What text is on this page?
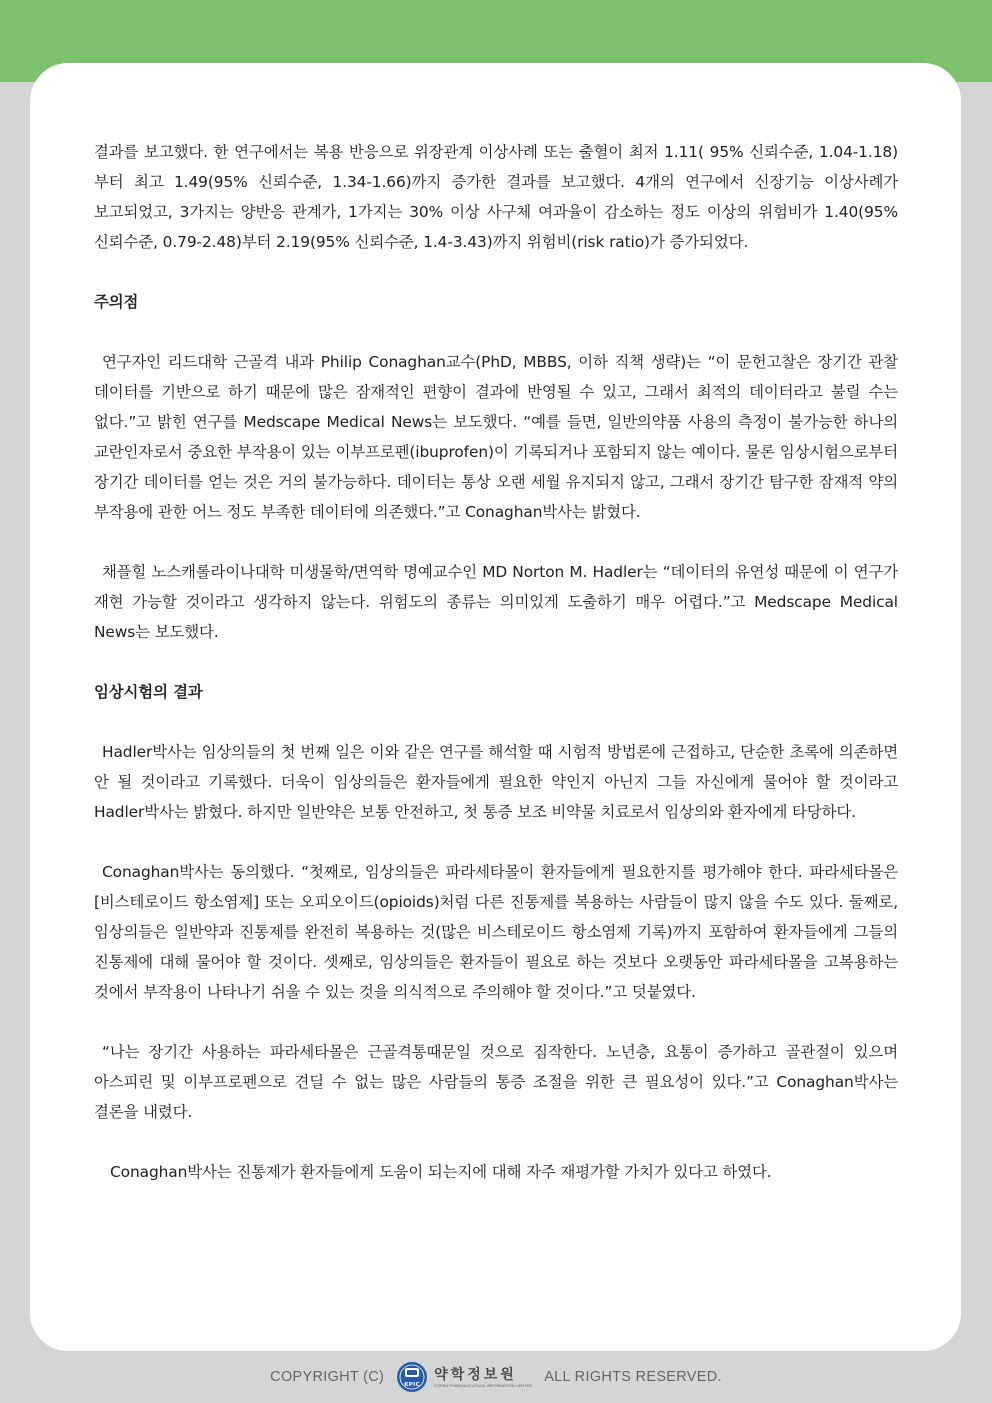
결과를 보고했다. 한 연구에서는 복용 반응으로 위장관계 이상사례 또는 출혈이 최저 1.11( 95% 신뢰수준, 1.04-1.18)부터 최고 1.49(95% 신뢰수준, 1.34-1.66)까지 증가한 결과를 보고했다. 4개의 연구에서 신장기능 이상사례가 보고되었고, 3가지는 양반응 관계가, 1가지는 30% 이상 사구체 여과율이 감소하는 정도 이상의 위험비가 1.40(95% 신뢰수준, 0.79-2.48)부터 2.19(95% 신뢰수준, 1.4-3.43)까지 위험비(risk ratio)가 증가되었다.

주의점

연구자인 리드대학 근골격 내과 Philip Conaghan교수(PhD, MBBS, 이하 직책 생략)는 “이 문헌고찰은 장기간 관찰 데이터를 기반으로 하기 때문에 많은 잠재적인 편향이 결과에 반영될 수 있고, 그래서 최적의 데이터라고 불릴 수는 없다.”고 밝힌 연구를 Medscape Medical News는 보도했다. “예를 들면, 일반의약품 사용의 측정이 불가능한 하나의 교란인자로서 중요한 부작용이 있는 이부프로펜(ibuprofen)이 기록되거나 포함되지 않는 예이다. 물론 임상시험으로부터 장기간 데이터를 얻는 것은 거의 불가능하다. 데이터는 통상 오랜 세월 유지되지 않고, 그래서 장기간 탐구한 잠재적 약의 부작용에 관한 어느 정도 부족한 데이터에 의존했다.”고 Conaghan박사는 밝혔다.

채플힐 노스캐롤라이나대학 미생물학/면역학 명예교수인 MD Norton M. Hadler는 “데이터의 유연성 때문에 이 연구가 재현 가능할 것이라고 생각하지 않는다. 위험도의 종류는 의미있게 도출하기 매우 어렵다.”고 Medscape Medical News는 보도했다.

임상시험의 결과

Hadler박사는 임상의들의 첫 번째 일은 이와 같은 연구를 해석할 때 시험적 방법론에 근접하고, 단순한 초록에 의존하면 안 될 것이라고 기록했다. 더욱이 임상의들은 환자들에게 필요한 약인지 아닌지 그들 자신에게 물어야 할 것이라고 Hadler박사는 밝혔다. 하지만 일반약은 보통 안전하고, 첫 통증 보조 비약물 치료로서 임상의와 환자에게 타당하다.

Conaghan박사는 동의했다. “첫째로, 임상의들은 파라세타몰이 환자들에게 필요한지를 평가해야 한다. 파라세타몰은 [비스테로이드 항소염제] 또는 오피오이드(opioids)처럼 다른 진통제를 복용하는 사람들이 많지 않을 수도 있다. 둘째로, 임상의들은 일반약과 진통제를 완전히 복용하는 것(많은 비스테로이드 항소염제 기록)까지 포함하여 환자들에게 그들의 진통제에 대해 물어야 할 것이다. 셋째로, 임상의들은 환자들이 필요로 하는 것보다 오랫동안 파라세타몰을 고복용하는 것에서 부작용이 나타나기 쉬울 수 있는 것을 의식적으로 주의해야 할 것이다.”고 덧붙였다.

“나는 장기간 사용하는 파라세타몰은 근골격통때문일 것으로 짐작한다. 노년층, 요통이 증가하고 골관절이 있으며 아스피린 및 이부프로펜으로 견딜 수 없는 많은 사람들의 통증 조절을 위한 큰 필요성이 있다.”고 Conaghan박사는 결론을 내렸다.

Conaghan박사는 진통제가 환자들에게 도움이 되는지에 대해 자주 재평가할 가치가 있다고 하였다.

COPYRIGHT (C)	KPIC
약학정보원
KOREA PHARMACEUTICAL INFORMATION CENTER ALL RIGHTS RESERVED.
